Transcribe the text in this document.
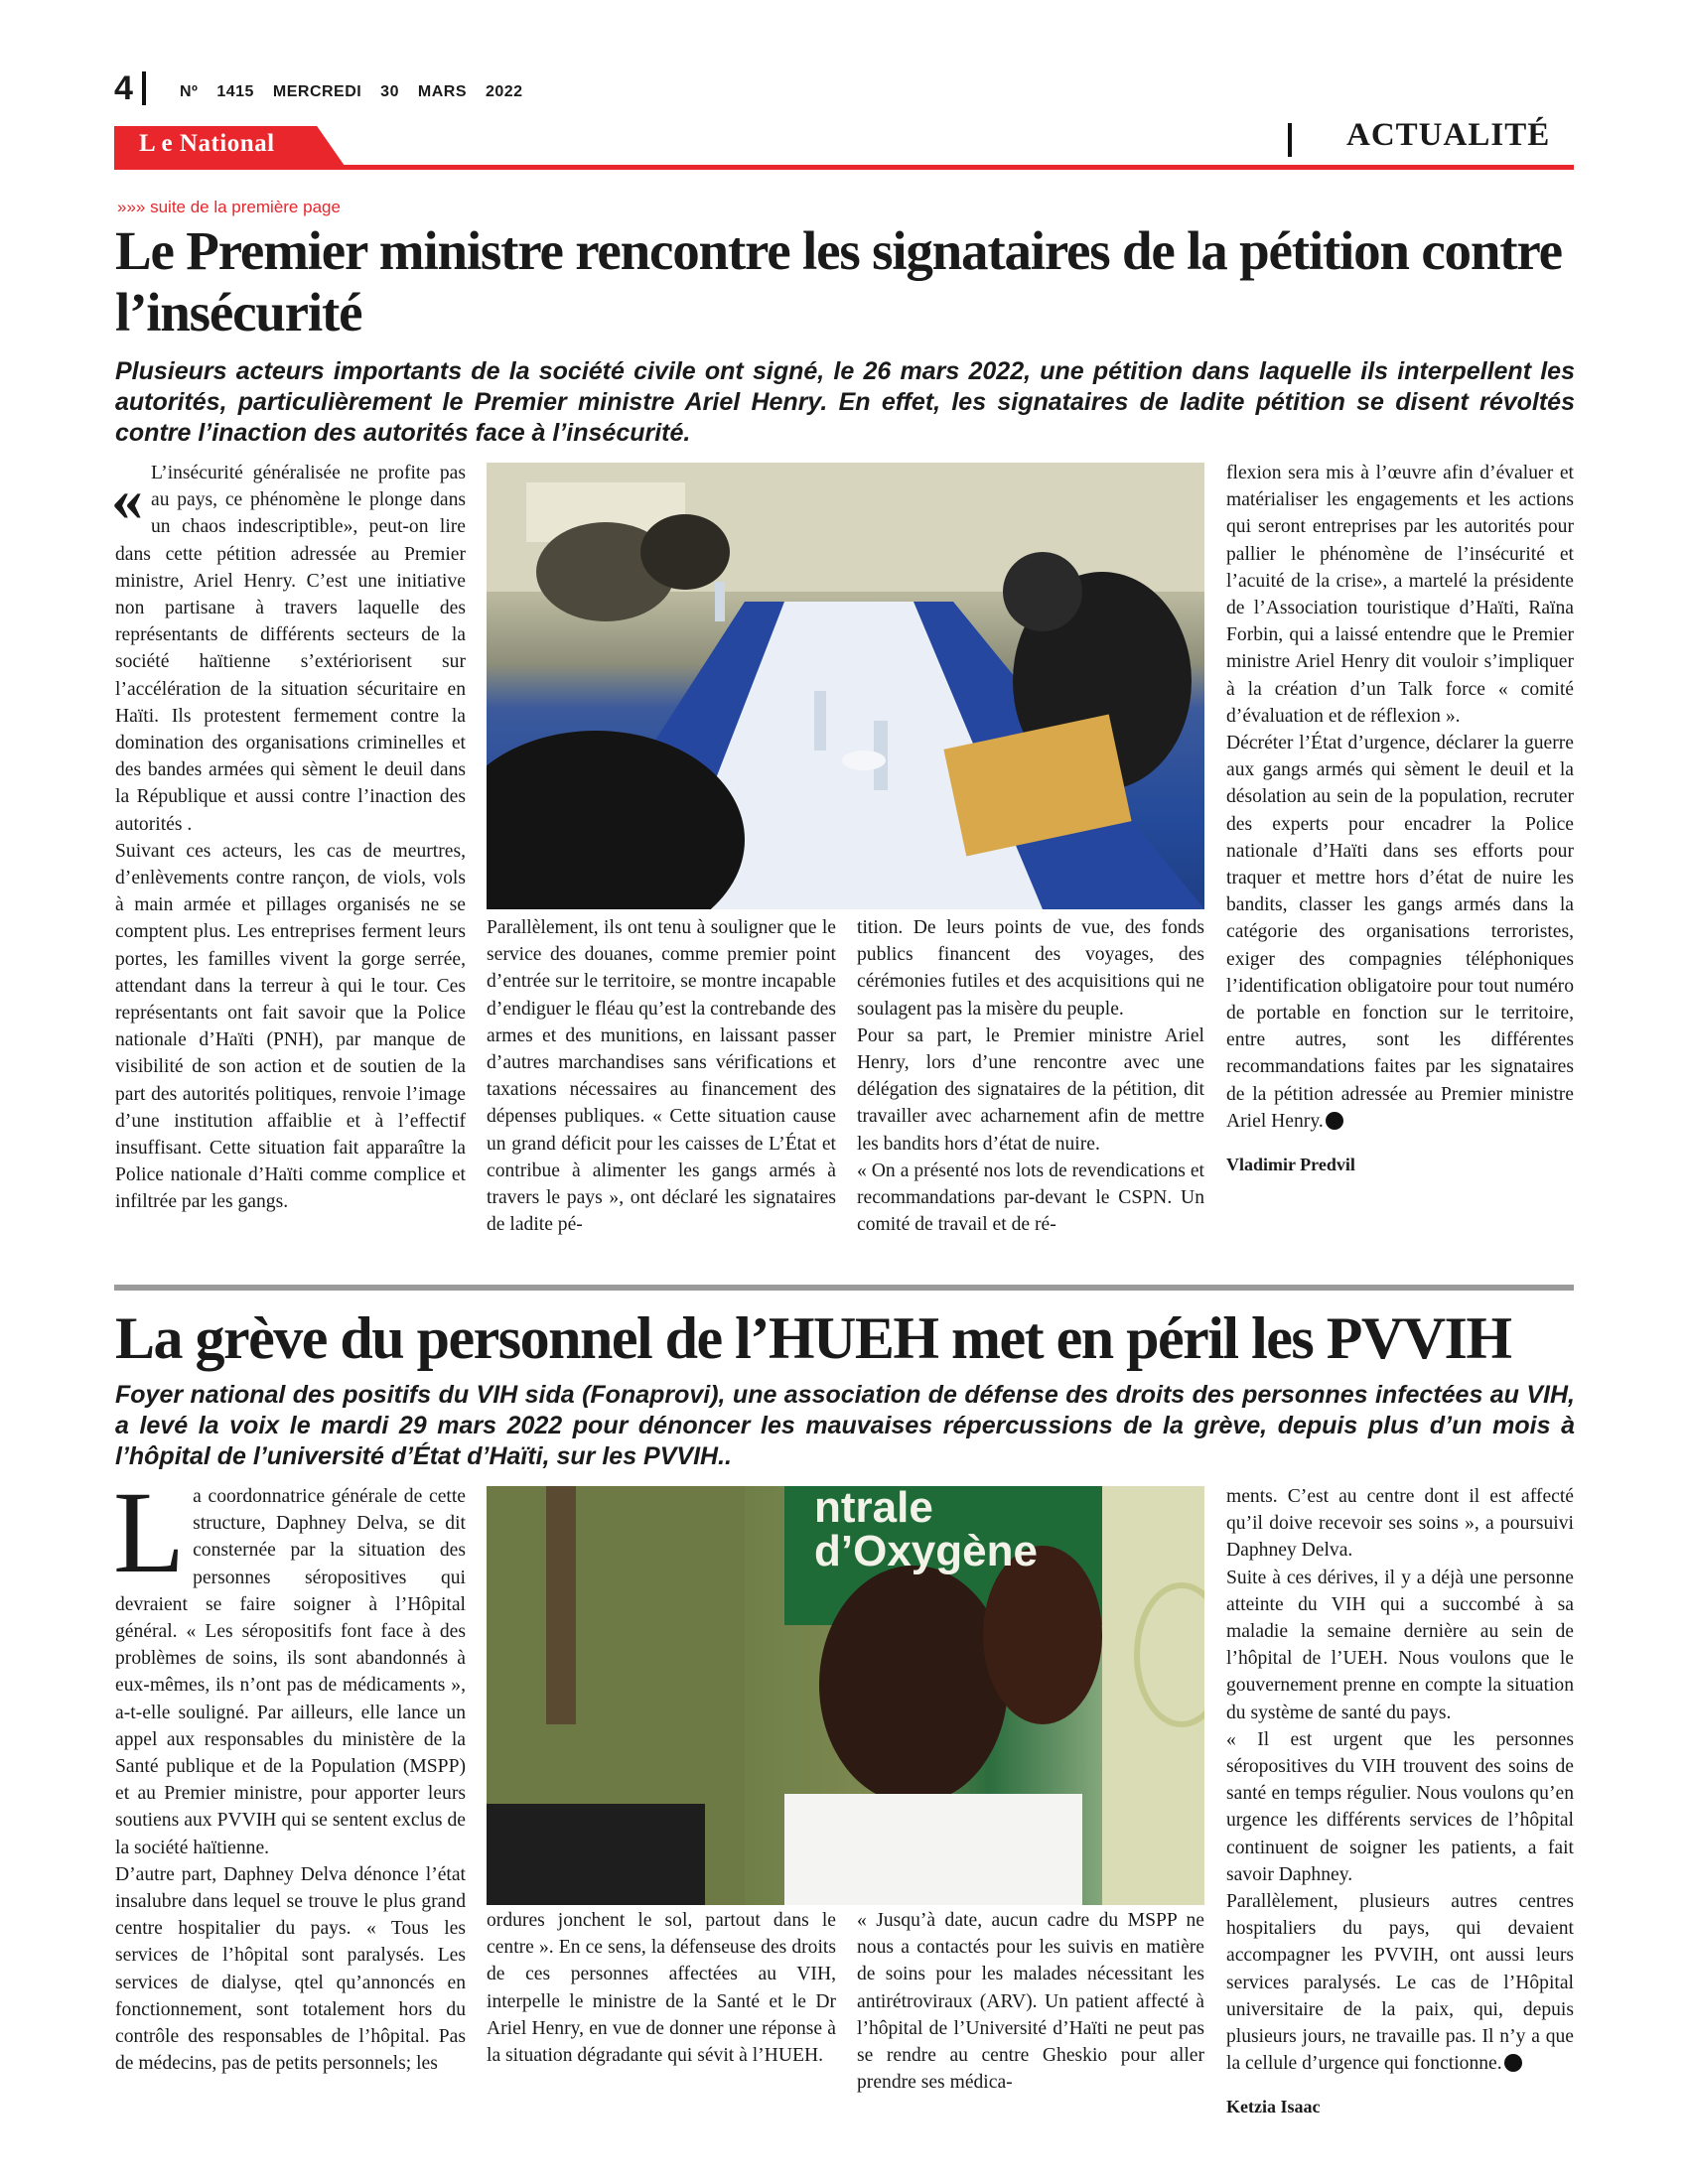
4	Nº 1415 MERCREDI 30 MARS 2022
L e National	ACTUALITÉ
»»» suite de la première page
Le Premier ministre rencontre les signataires de la pétition contre l’insécurité

Plusieurs acteurs importants de la société civile ont signé, le 26 mars 2022, une pétition dans laquelle ils interpellent les autorités, particulièrement le Premier ministre Ariel Henry. En effet, les signataires de ladite pétition se disent révoltés contre l’inaction des autorités face à l’insécurité.

« L’insécurité généralisée ne profite pas au pays, ce phénomène le plonge dans un chaos indescriptible», peut-on lire dans cette pétition adressée au Premier ministre, Ariel Henry. C’est une initiative non partisane à travers laquelle des représentants de différents secteurs de la société haïtienne s’extériorisent sur l’accélération de la situation sécuritaire en Haïti. Ils protestent fermement contre la domination des organisations criminelles et des bandes armées qui sèment le deuil dans la République et aussi contre l’inaction des autorités .

Suivant ces acteurs, les cas de meurtres, d’enlèvements contre rançon, de viols, vols à main armée et pillages organisés ne se comptent plus. Les entreprises ferment leurs portes, les familles vivent la gorge serrée, attendant dans la terreur à qui le tour. Ces représentants ont fait savoir que la Police nationale d’Haïti (PNH), par manque de visibilité de son action et de soutien de la part des autorités politiques, renvoie l’image d’une institution affaiblie et à l’effectif insuffisant. Cette situation fait apparaître la Police nationale d’Haïti comme complice et infiltrée par les gangs.

Parallèlement, ils ont tenu à souligner que le service des douanes, comme premier point d’entrée sur le territoire, se montre incapable d’endiguer le fléau qu’est la contrebande des armes et des munitions, en laissant passer d’autres marchandises sans vérifications et taxations nécessaires au financement des dépenses publiques. « Cette situation cause un grand déficit pour les caisses de L’État et contribue à alimenter les gangs armés à travers le pays », ont déclaré les signataires de ladite pé-

tition. De leurs points de vue, des fonds publics financent des voyages, des cérémonies futiles et des acquisitions qui ne soulagent pas la misère du peuple.

Pour sa part, le Premier ministre Ariel Henry, lors d’une rencontre avec une délégation des signataires de la pétition, dit travailler avec acharnement afin de mettre les bandits hors d’état de nuire.

« On a présenté nos lots de revendications et recommandations par-devant le CSPN. Un comité de travail et de ré-

flexion sera mis à l’œuvre afin d’évaluer et matérialiser les engagements et les actions qui seront entreprises par les autorités pour pallier le phénomène de l’insécurité et l’acuité de la crise», a martelé la présidente de l’Association touristique d’Haïti, Raïna Forbin, qui a laissé entendre que le Premier ministre Ariel Henry dit vouloir s’impliquer à la création d’un Talk force « comité d’évaluation et de réflexion ».

Décréter l’État d’urgence, déclarer la guerre aux gangs armés qui sèment le deuil et la désolation au sein de la population, recruter des experts pour encadrer la Police nationale d’Haïti dans ses efforts pour traquer et mettre hors d’état de nuire les bandits, classer les gangs armés dans la catégorie des organisations terroristes, exiger des compagnies téléphoniques l’identification obligatoire pour tout numéro de portable en fonction sur le territoire, entre autres, sont les différentes recommandations faites par les signataires de la pétition adressée au Premier ministre Ariel Henry.

Vladimir Predvil

La grève du personnel de l’HUEH met en péril les PVVIH

Foyer national des positifs du VIH sida (Fonaprovi), une association de défense des droits des personnes infectées au VIH, a levé la voix le mardi 29 mars 2022 pour dénoncer les mauvaises répercussions de la grève, depuis plus d’un mois à l’hôpital de l’université d’État d’Haïti, sur les PVVIH..

L a coordonnatrice générale de cette structure, Daphney Delva, se dit consternée par la situation des personnes séropositives qui devraient se faire soigner à l’Hôpital général. « Les séropositifs font face à des problèmes de soins, ils sont abandonnés à eux-mêmes, ils n’ont pas de médicaments », a-t-elle souligné. Par ailleurs, elle lance un appel aux responsables du ministère de la Santé publique et de la Population (MSPP) et au Premier ministre, pour apporter leurs soutiens aux PVVIH qui se sentent exclus de la société haïtienne.

D’autre part, Daphney Delva dénonce l’état insalubre dans lequel se trouve le plus grand centre hospitalier du pays. « Tous les services de l’hôpital sont paralysés. Les services de dialyse, qtel qu’annoncés en fonctionnement, sont totalement hors du contrôle des responsables de l’hôpital. Pas de médecins, pas de petits personnels; les

ntrale
d’Oxygène

ordures jonchent le sol, partout dans le centre ». En ce sens, la défenseuse des droits de ces personnes affectées au VIH, interpelle le ministre de la Santé et le Dr Ariel Henry, en vue de donner une réponse à la situation dégradante qui sévit à l’HUEH.

« Jusqu’à date, aucun cadre du MSPP ne nous a contactés pour les suivis en matière de soins pour les malades nécessitant les antirétroviraux (ARV). Un patient affecté à l’hôpital de l’Université d’Haïti ne peut pas se rendre au centre Gheskio pour aller prendre ses médica-

ments. C’est au centre dont il est affecté qu’il doive recevoir ses soins », a poursuivi Daphney Delva.

Suite à ces dérives, il y a déjà une personne atteinte du VIH qui a succombé à sa maladie la semaine dernière au sein de l’hôpital de l’UEH. Nous voulons que le gouvernement prenne en compte la situation du système de santé du pays.

« Il est urgent que les personnes séropositives du VIH trouvent des soins de santé en temps régulier. Nous voulons qu’en urgence les différents services de l’hôpital continuent de soigner les patients, a fait savoir Daphney.

Parallèlement, plusieurs autres centres hospitaliers du pays, qui devaient accompagner les PVVIH, ont aussi leurs services paralysés. Le cas de l’Hôpital universitaire de la paix, qui, depuis plusieurs jours, ne travaille pas. Il n’y a que la cellule d’urgence qui fonctionne.

Ketzia Isaac
